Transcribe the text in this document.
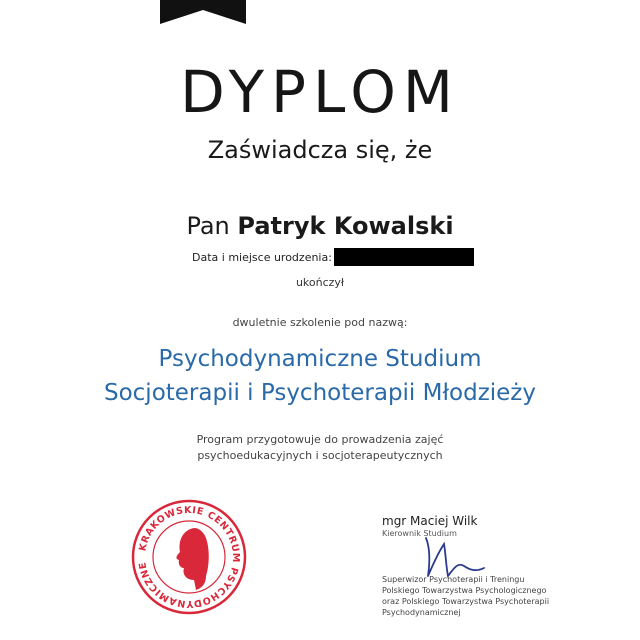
DYPLOM
Zaświadcza się, że
Pan Patryk Kowalski
Data i miejsce urodzenia:
ukończył
dwuletnie szkolenie pod nazwą:
Psychodynamiczne Studium
Socjoterapii i Psychoterapii Młodzieży
Program przygotowuje do prowadzenia zajęć
psychoedukacyjnych i socjoterapeutycznych
KRAKOWSKIE CENTRUM PSYCHODYNAMICZNE
mgr Maciej Wilk
Kierownik Studium
Superwizor Psychoterapii i Treningu
Polskiego Towarzystwa Psychologicznego
oraz Polskiego Towarzystwa Psychoterapii
Psychodynamicznej
